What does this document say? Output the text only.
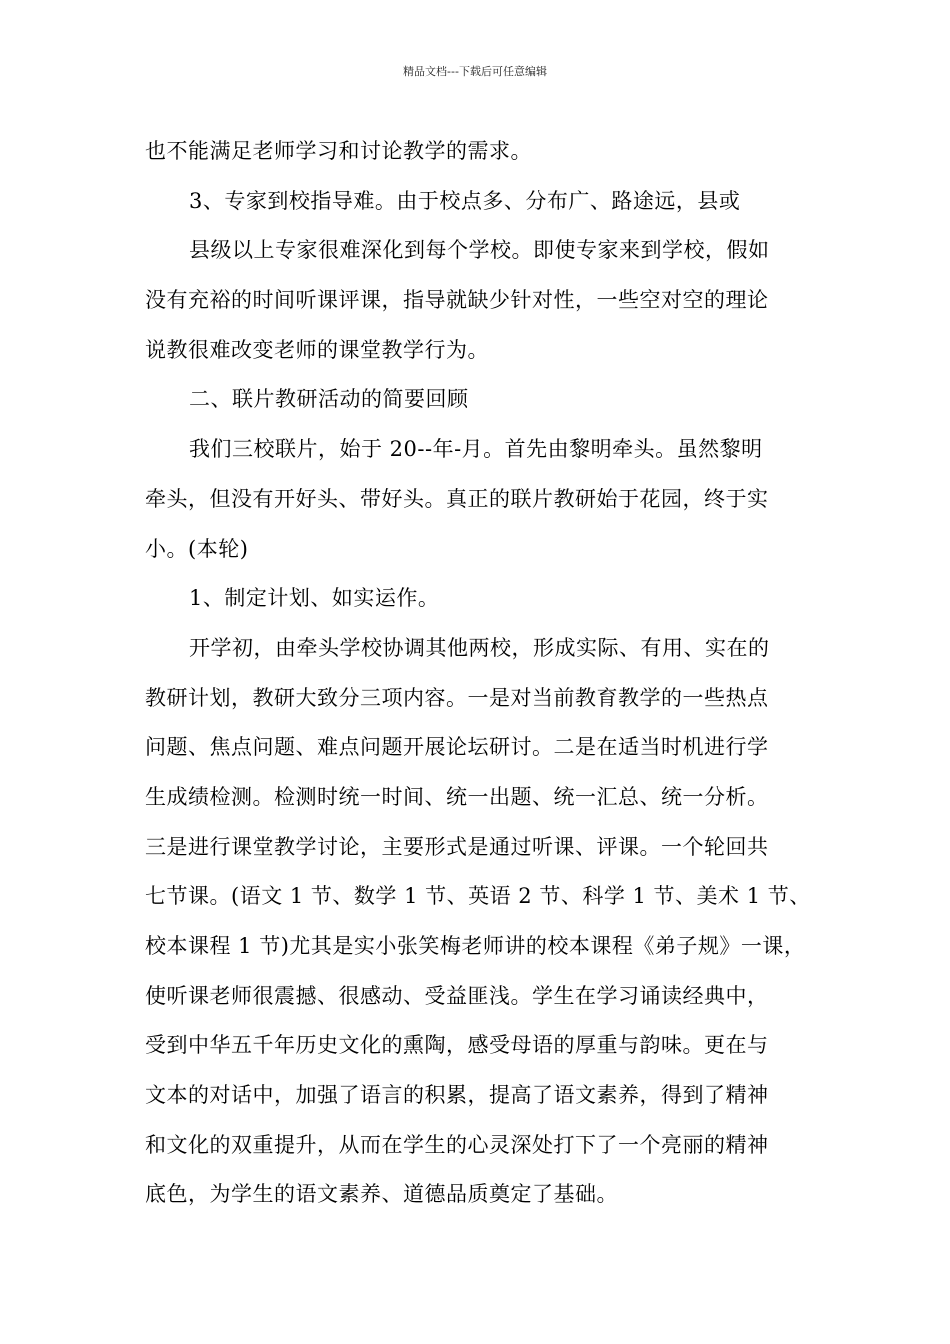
精品文档---下载后可任意编辑
也不能满足老师学习和讨论教学的需求。
3、专家到校指导难。由于校点多、分布广、路途远，县或
县级以上专家很难深化到每个学校。即使专家来到学校，假如
没有充裕的时间听课评课，指导就缺少针对性，一些空对空的理论
说教很难改变老师的课堂教学行为。
二、联片教研活动的简要回顾
我们三校联片，始于 20--年-月。首先由黎明牵头。虽然黎明
牵头，但没有开好头、带好头。真正的联片教研始于花园，终于实
小。(本轮)
1、制定计划、如实运作。
开学初，由牵头学校协调其他两校，形成实际、有用、实在的
教研计划，教研大致分三项内容。一是对当前教育教学的一些热点
问题、焦点问题、难点问题开展论坛研讨。二是在适当时机进行学
生成绩检测。检测时统一时间、统一出题、统一汇总、统一分析。
三是进行课堂教学讨论，主要形式是通过听课、评课。一个轮回共
七节课。(语文 1 节、数学 1 节、英语 2 节、科学 1 节、美术 1 节、
校本课程 1 节)尤其是实小张笑梅老师讲的校本课程《弟子规》一课，
使听课老师很震撼、很感动、受益匪浅。学生在学习诵读经典中，
受到中华五千年历史文化的熏陶，感受母语的厚重与韵味。更在与
文本的对话中，加强了语言的积累，提高了语文素养，得到了精神
和文化的双重提升，从而在学生的心灵深处打下了一个亮丽的精神
底色，为学生的语文素养、道德品质奠定了基础。
